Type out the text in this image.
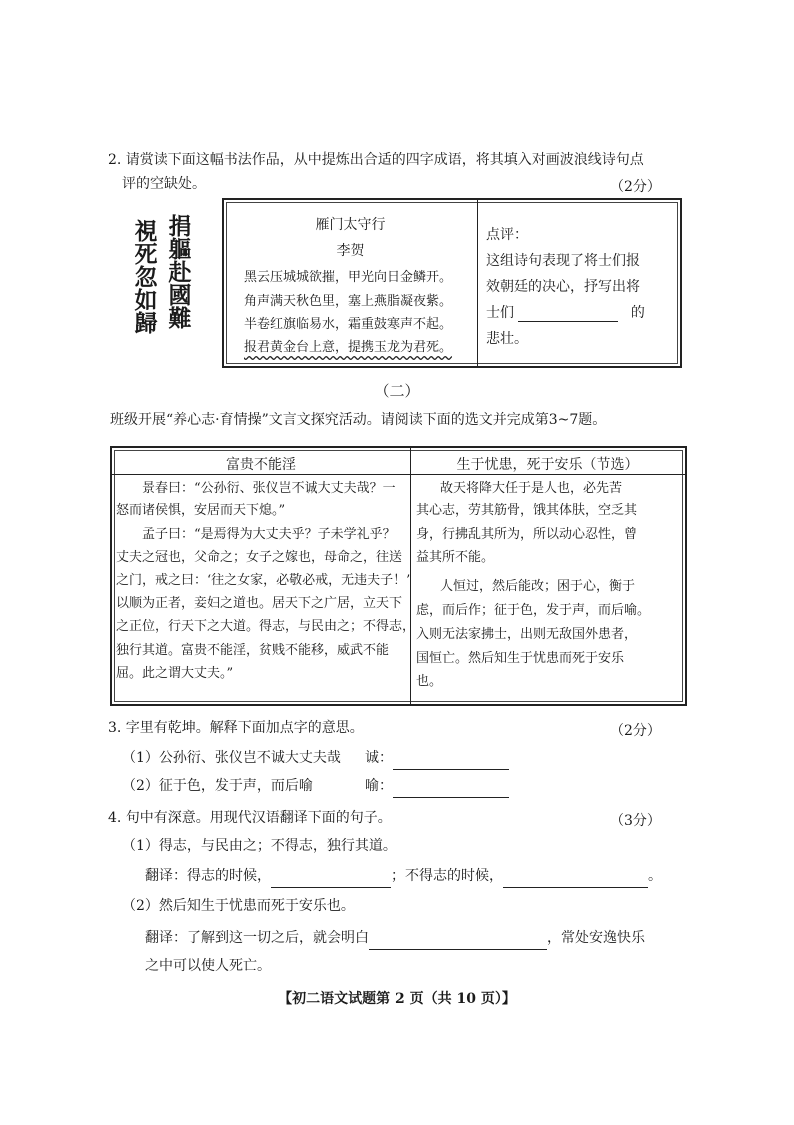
2. 请赏读下面这幅书法作品，从中提炼出合适的四字成语，将其填入对画波浪线诗句点
评的空缺处。	（2分）
捐
軀
赴
國
難
視
死
忽
如
歸
雁门太守行
李贺
黑云压城城欲摧，甲光向日金鳞开。
角声满天秋色里，塞上燕脂凝夜紫。
半卷红旗临易水，霜重鼓寒声不起。
报君黄金台上意，提携玉龙为君死。
点评：
这组诗句表现了将士们报
效朝廷的决心，抒写出将
士们	的
悲壮。
（二）
班级开展“养心志·育情操”文言文探究活动。请阅读下面的选文并完成第3~7题。
富贵不能淫	生于忧患，死于安乐（节选）
景春曰：“公孙衍、张仪岂不诚大丈夫哉？一
怒而诸侯惧，安居而天下熄。”
孟子曰：“是焉得为大丈夫乎？子未学礼乎？
丈夫之冠也，父命之；女子之嫁也，母命之，往送
之门，戒之曰：‘往之女家，必敬必戒，无违夫子！’
以顺为正者，妾妇之道也。居天下之广居，立天下
之正位，行天下之大道。得志，与民由之；不得志，
独行其道。富贵不能淫，贫贱不能移，威武不能
屈。此之谓大丈夫。”
故天将降大任于是人也，必先苦
其心志，劳其筋骨，饿其体肤，空乏其
身，行拂乱其所为，所以动心忍性，曾
益其所不能。
人恒过，然后能改；困于心，衡于
虑，而后作；征于色，发于声，而后喻。
入则无法家拂士，出则无敌国外患者，
国恒亡。然后知生于忧患而死于安乐
也。
3. 字里有乾坤。解释下面加点字的意思。	（2分）
（1）公孙衍、张仪岂不诚大丈夫哉 诚：
（2）征于色，发于声，而后喻	喻：
4. 句中有深意。用现代汉语翻译下面的句子。	（3分）
（1）得志，与民由之；不得志，独行其道。
翻译：得志的时候，	；不得志的时候，	。
（2）然后知生于忧患而死于安乐也。
翻译：了解到这一切之后，就会明白	，常处安逸快乐
之中可以使人死亡。
【初二语文试题第 2 页（共 10 页）】
